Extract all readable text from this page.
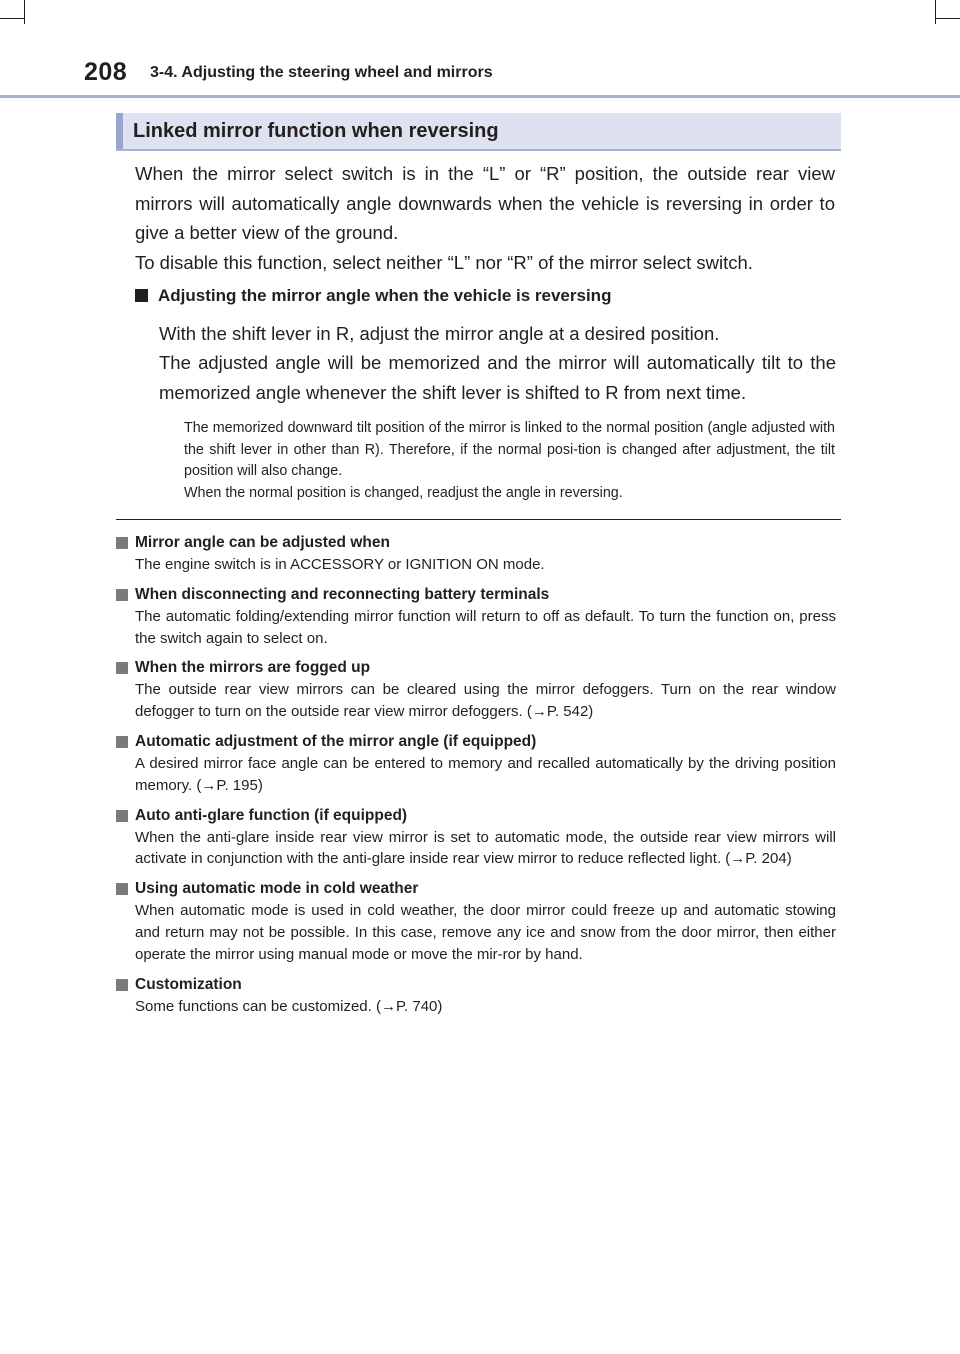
208 3-4. Adjusting the steering wheel and mirrors
Linked mirror function when reversing

When the mirror select switch is in the “L” or “R” position, the outside rear view mirrors will automatically angle downwards when the vehicle is reversing in order to give a better view of the ground.

To disable this function, select neither “L” nor “R” of the mirror select switch.

Adjusting the mirror angle when the vehicle is reversing

With the shift lever in R, adjust the mirror angle at a desired position.

The adjusted angle will be memorized and the mirror will automatically tilt to the memorized angle whenever the shift lever is shifted to R from next time.

The memorized downward tilt position of the mirror is linked to the normal position (angle adjusted with the shift lever in other than R). Therefore, if the normal posi-tion is changed after adjustment, the tilt position will also change.
When the normal position is changed, readjust the angle in reversing.
Mirror angle can be adjusted when
The engine switch is in ACCESSORY or IGNITION ON mode.
When disconnecting and reconnecting battery terminals
The automatic folding/extending mirror function will return to off as default. To turn the function on, press the switch again to select on.
When the mirrors are fogged up
The outside rear view mirrors can be cleared using the mirror defoggers. Turn on the rear window defogger to turn on the outside rear view mirror defoggers. (→P. 542)
Automatic adjustment of the mirror angle (if equipped)
A desired mirror face angle can be entered to memory and recalled automatically by the driving position memory. (→P. 195)
Auto anti-glare function (if equipped)
When the anti-glare inside rear view mirror is set to automatic mode, the outside rear view mirrors will activate in conjunction with the anti-glare inside rear view mirror to reduce reflected light. (→P. 204)
Using automatic mode in cold weather
When automatic mode is used in cold weather, the door mirror could freeze up and automatic stowing and return may not be possible. In this case, remove any ice and snow from the door mirror, then either operate the mirror using manual mode or move the mir-ror by hand.
Customization
Some functions can be customized. (→P. 740)
